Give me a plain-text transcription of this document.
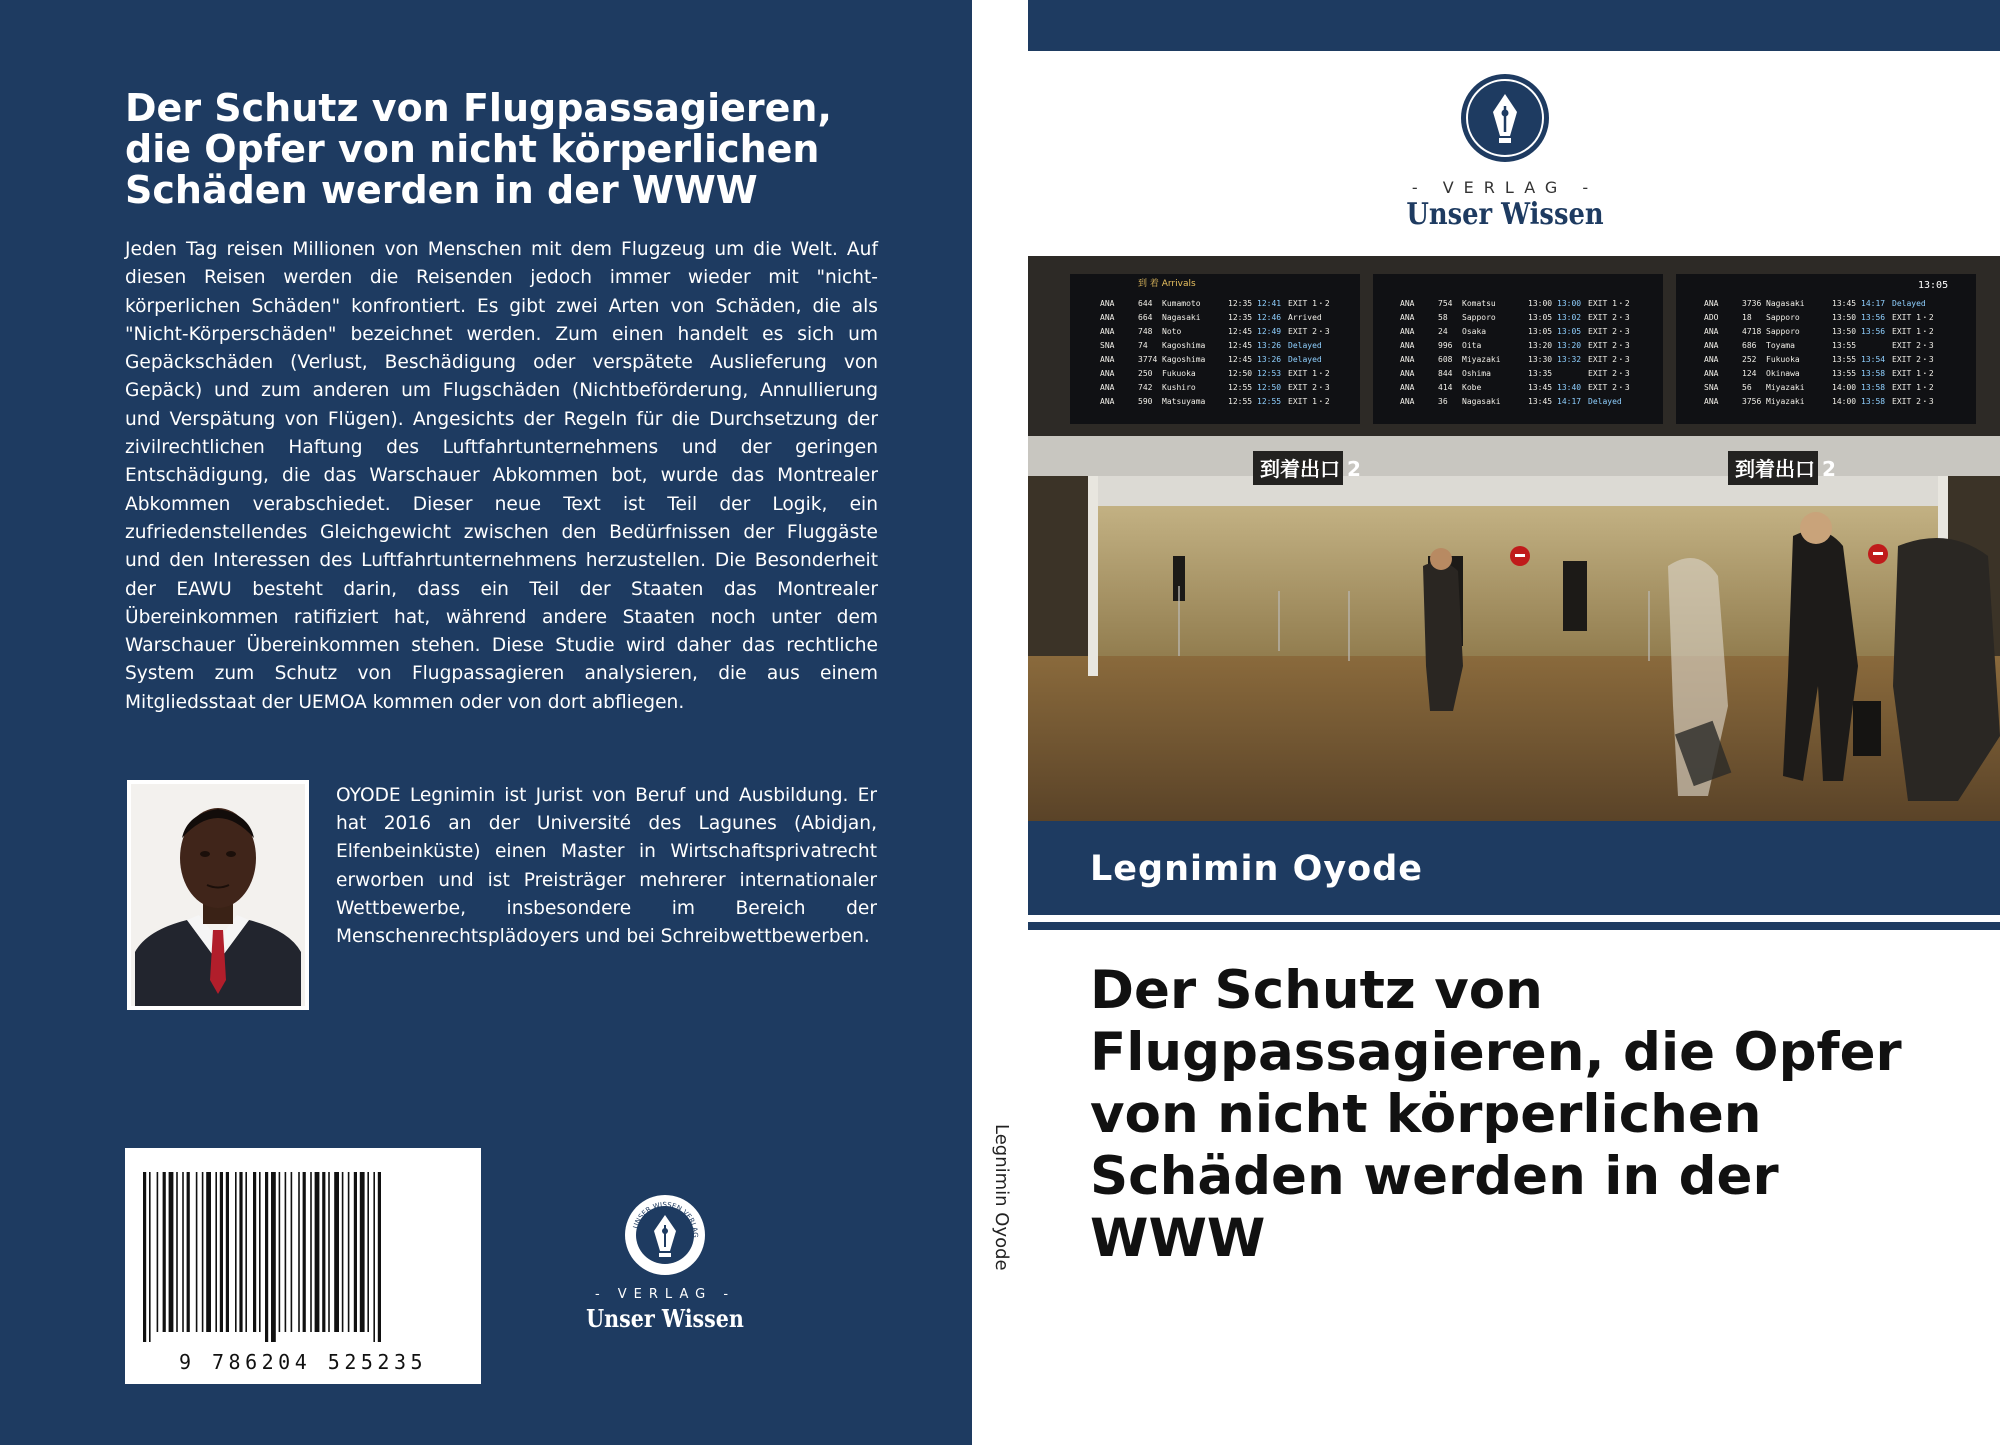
Der Schutz von Flugpassagieren, die Opfer von nicht körperlichen Schäden werden in der WWW
Jeden Tag reisen Millionen von Menschen mit dem Flugzeug um die Welt. Auf diesen Reisen werden die Reisenden jedoch immer wieder mit "nicht-körperlichen Schäden" konfrontiert. Es gibt zwei Arten von Schäden, die als "Nicht-Körperschäden" bezeichnet werden. Zum einen handelt es sich um Gepäckschäden (Verlust, Beschädigung oder verspätete Auslieferung von Gepäck) und zum anderen um Flugschäden (Nichtbeförderung, Annullierung und Verspätung von Flügen). Angesichts der Regeln für die Durchsetzung der zivilrechtlichen Haftung des Luftfahrtunternehmens und der geringen Entschädigung, die das Warschauer Abkommen bot, wurde das Montrealer Abkommen verabschiedet. Dieser neue Text ist Teil der Logik, ein zufriedenstellendes Gleichgewicht zwischen den Bedürfnissen der Fluggäste und den Interessen des Luftfahrtunternehmens herzustellen. Die Besonderheit der EAWU besteht darin, dass ein Teil der Staaten das Montrealer Übereinkommen ratifiziert hat, während andere Staaten noch unter dem Warschauer Übereinkommen stehen. Diese Studie wird daher das rechtliche System zum Schutz von Flugpassagieren analysieren, die aus einem Mitgliedsstaat der UEMOA kommen oder von dort abfliegen.
OYODE Legnimin ist Jurist von Beruf und Ausbildung. Er hat 2016 an der Université des Lagunes (Abidjan, Elfenbeinküste) einen Master in Wirtschaftsprivatrecht erworben und ist Preisträger mehrerer internationaler Wettbewerbe, insbesondere im Bereich der Menschenrechtsplädoyers und bei Schreibwettbewerben.
9 786204 525235
UNSER WISSEN VERLAG
- VERLAG -
Unser Wissen
Legnimin Oyode
- VERLAG -
Unser Wissen
到着出口 2	到着出口 2
到 着 Arrivals	13:05
ANA	644 Kumamoto	12:35 12:41 EXIT 1・2
ANA	664 Nagasaki	12:35 12:46 Arrived
ANA	748 Noto	12:45 12:49 EXIT 2・3
SNA	74 Kagoshima	12:45 13:26 Delayed
ANA	3774 Kagoshima	12:45 13:26 Delayed
ANA	250 Fukuoka	12:50 12:53 EXIT 1・2
ANA	742 Kushiro	12:55 12:50 EXIT 2・3
ANA	590 Matsuyama	12:55 12:55 EXIT 1・2
ANA	754 Komatsu	13:00 13:00 EXIT 1・2
ANA	58 Sapporo	13:05 13:02 EXIT 2・3
ANA	24 Osaka	13:05 13:05 EXIT 2・3
ANA	996 Oita	13:20 13:20 EXIT 2・3
ANA	608 Miyazaki	13:30 13:32 EXIT 2・3
ANA	844 Oshima	13:35	EXIT 2・3
ANA	414 Kobe	13:45 13:40 EXIT 2・3
ANA	36 Nagasaki	13:45 14:17 Delayed
ANA	3736 Nagasaki	13:45 14:17 Delayed
ADO	18 Sapporo	13:50 13:56 EXIT 1・2
ANA	4718 Sapporo	13:50 13:56 EXIT 1・2
ANA	686 Toyama	13:55	EXIT 2・3
ANA	252 Fukuoka	13:55 13:54 EXIT 2・3
ANA	124 Okinawa	13:55 13:58 EXIT 1・2
SNA	56 Miyazaki	14:00 13:58 EXIT 1・2
ANA	3756 Miyazaki	14:00 13:58 EXIT 2・3
Legnimin Oyode
Der Schutz von Flugpassagieren, die Opfer von nicht körperlichen Schäden werden in der WWW
